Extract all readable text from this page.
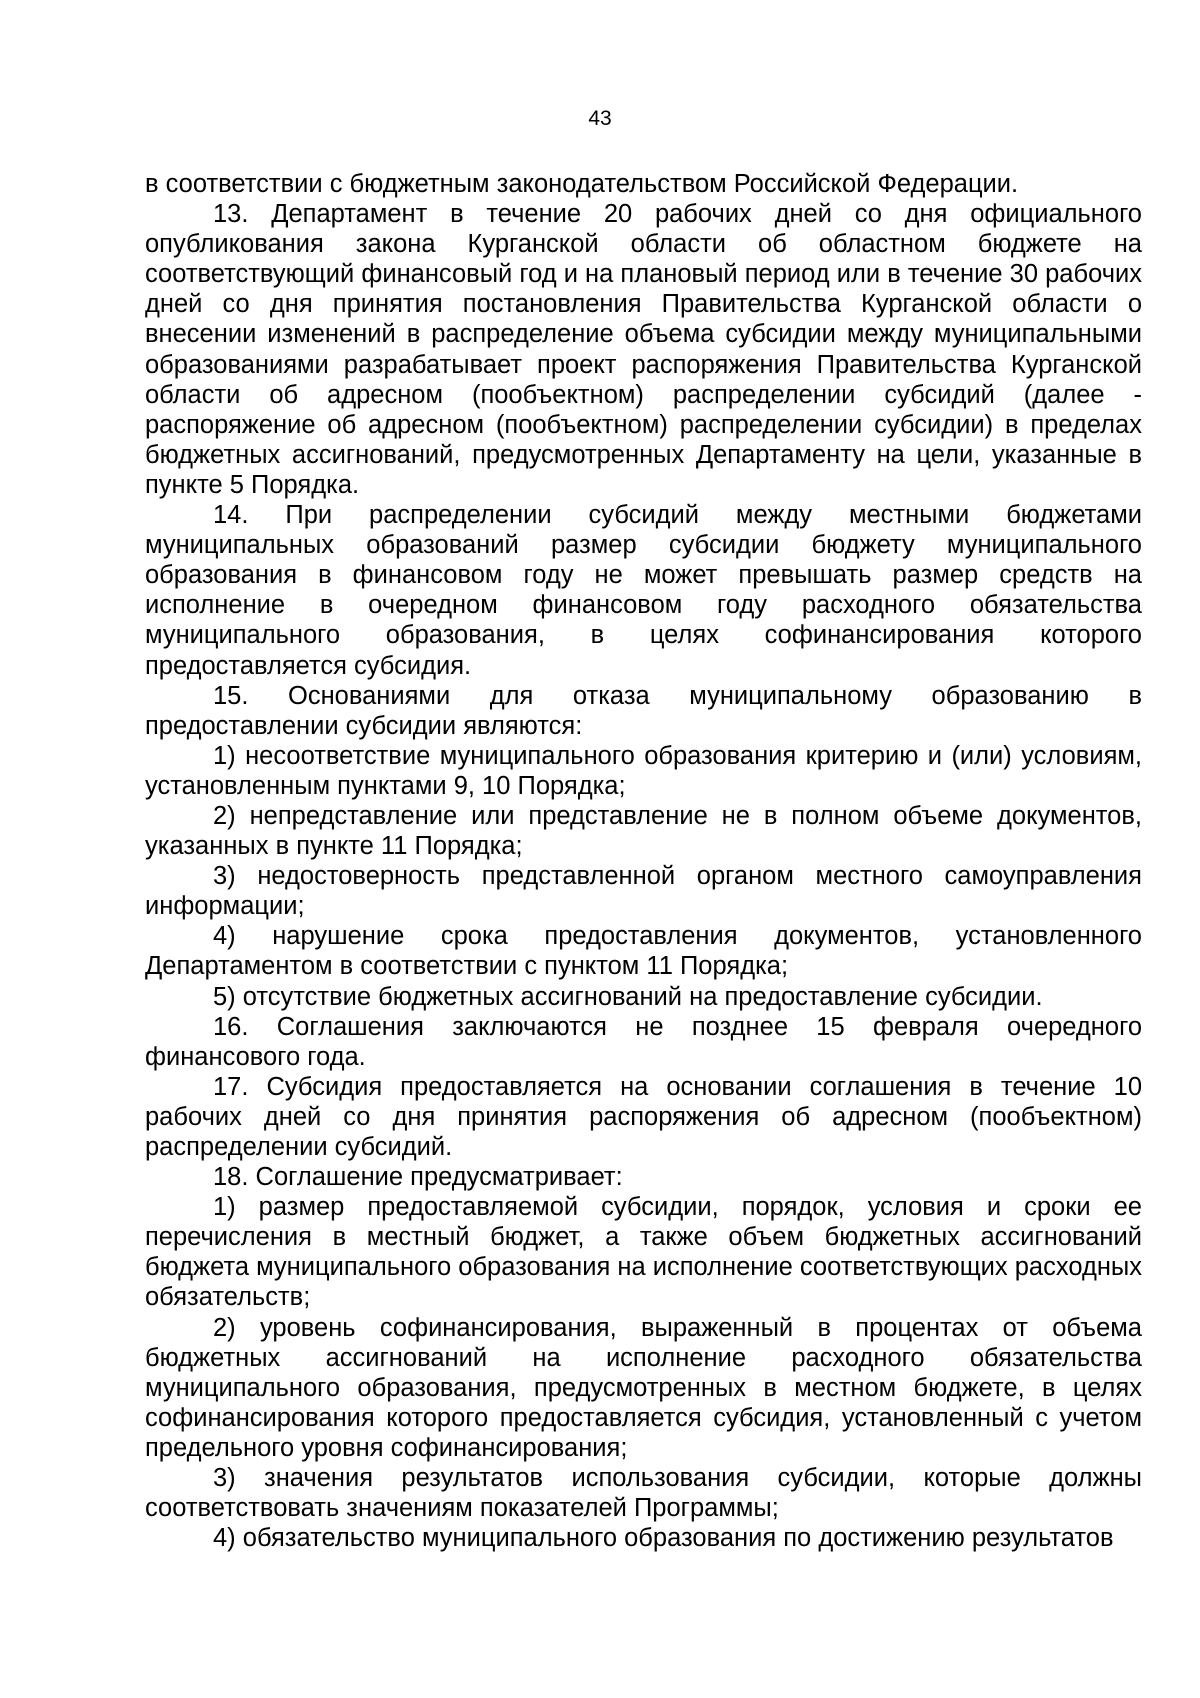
43

в соответствии с бюджетным законодательством Российской Федерации.

13. Департамент в течение 20 рабочих дней со дня официального опубликования закона Курганской области об областном бюджете на соответствующий финансовый год и на плановый период или в течение 30 рабочих дней со дня принятия постановления Правительства Курганской области о внесении изменений в распределение объема субсидии между муниципальными образованиями разрабатывает проект распоряжения Правительства Курганской области об адресном (пообъектном) распределении субсидий (далее - распоряжение об адресном (пообъектном) распределении субсидии) в пределах бюджетных ассигнований, предусмотренных Департаменту на цели, указанные в пункте 5 Порядка.

14. При распределении субсидий между местными бюджетами муниципальных образований размер субсидии бюджету муниципального образования в финансовом году не может превышать размер средств на исполнение в очередном финансовом году расходного обязательства муниципального образования, в целях софинансирования которого предоставляется субсидия.

15. Основаниями для отказа муниципальному образованию в предоставлении субсидии являются:

1) несоответствие муниципального образования критерию и (или) условиям, установленным пунктами 9, 10 Порядка;

2) непредставление или представление не в полном объеме документов, указанных в пункте 11 Порядка;

3) недостоверность представленной органом местного самоуправления информации;

4) нарушение срока предоставления документов, установленного Департаментом в соответствии с пунктом 11 Порядка;

5) отсутствие бюджетных ассигнований на предоставление субсидии.

16. Соглашения заключаются не позднее 15 февраля очередного финансового года.

17. Субсидия предоставляется на основании соглашения в течение 10 рабочих дней со дня принятия распоряжения об адресном (пообъектном) распределении субсидий.

18. Соглашение предусматривает:

1) размер предоставляемой субсидии, порядок, условия и сроки ее перечисления в местный бюджет, а также объем бюджетных ассигнований бюджета муниципального образования на исполнение соответствующих расходных обязательств;

2) уровень софинансирования, выраженный в процентах от объема бюджетных ассигнований на исполнение расходного обязательства муниципального образования, предусмотренных в местном бюджете, в целях софинансирования которого предоставляется субсидия, установленный с учетом предельного уровня софинансирования;

3) значения результатов использования субсидии, которые должны соответствовать значениям показателей Программы;

4) обязательство муниципального образования по достижению результатов
